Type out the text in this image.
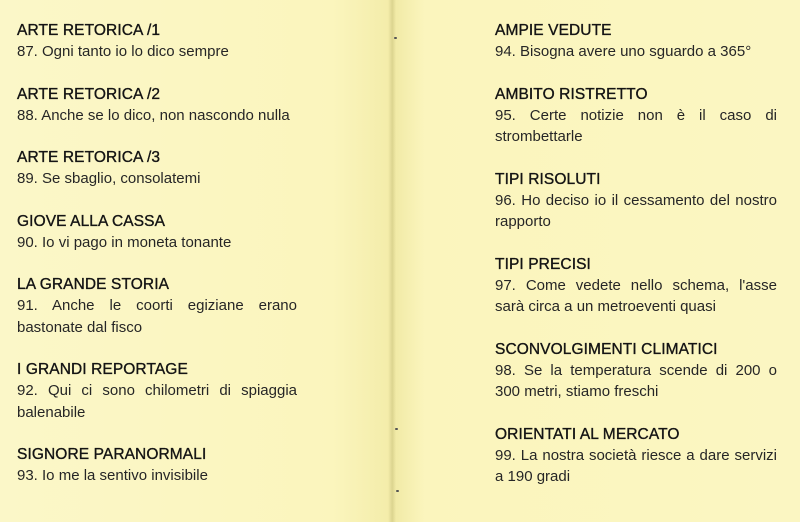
ARTE RETORICA /1
87. Ogni tanto io lo dico sempre
ARTE RETORICA /2
88. Anche se lo dico, non nascondo nulla
ARTE RETORICA /3
89. Se sbaglio, consolatemi
GIOVE ALLA CASSA
90. Io vi pago in moneta tonante
LA GRANDE STORIA
91. Anche le coorti egiziane erano bastonate dal fisco
I GRANDI REPORTAGE
92. Qui ci sono chilometri di spiaggia balenabile
SIGNORE PARANORMALI
93. Io me la sentivo invisibile
AMPIE VEDUTE
94. Bisogna avere uno sguardo a 365°
AMBITO RISTRETTO
95. Certe notizie non è il caso di strombettarle
TIPI RISOLUTI
96. Ho deciso io il cessamento del nostro rapporto
TIPI PRECISI
97. Come vedete nello schema, l'asse sarà circa a un metroeventi quasi
SCONVOLGIMENTI CLIMATICI
98. Se la temperatura scende di 200 o 300 metri, stiamo freschi
ORIENTATI AL MERCATO
99. La nostra società riesce a dare servizi a 190 gradi
